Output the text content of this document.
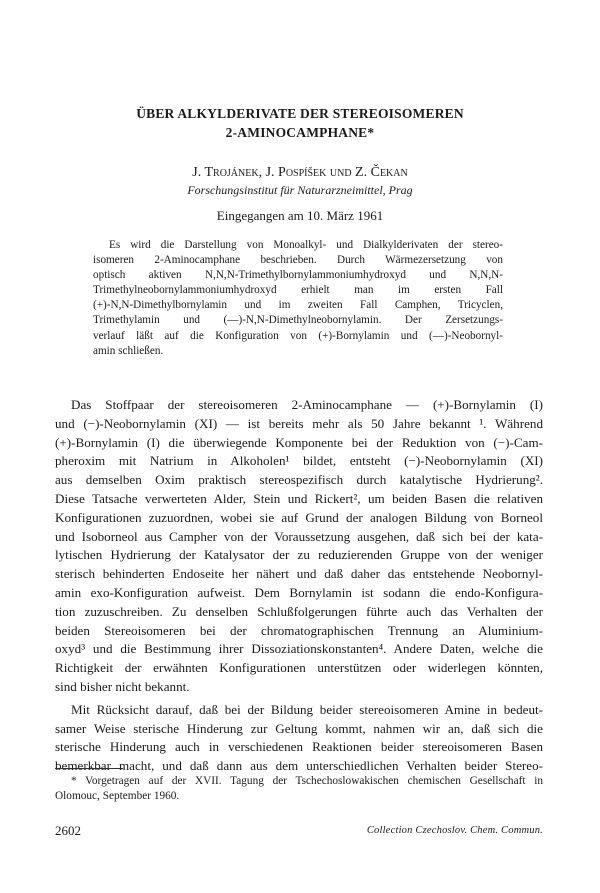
ÜBER ALKYLDERIVATE DER STEREOISOMEREN
2-AMINOCAMPHANE*
J. Trojánek, J. Pospíšek und Z. Čekan
Forschungsinstitut für Naturarzneimittel, Prag
Eingegangen am 10. März 1961
Es wird die Darstellung von Monoalkyl- und Dialkylderivaten der stereo-
isomeren 2-Aminocamphane beschrieben. Durch Wärmezersetzung von
optisch aktiven N,N,N-Trimethylbornylammoniumhydroxyd und N,N,N-
Trimethylneobornylammoniumhydroxyd erhielt man im ersten Fall
(+)-N,N-Dimethylbornylamin und im zweiten Fall Camphen, Tricyclen,
Trimethylamin und (—)-N,N-Dimethylneobornylamin. Der Zersetzungs-
verlauf läßt auf die Konfiguration von (+)-Bornylamin und (—)-Neobornyl-
amin schließen.
Das Stoffpaar der stereoisomeren 2-Aminocamphane — (+)-Bornylamin (I)
und (−)-Neobornylamin (XI) — ist bereits mehr als 50 Jahre bekannt ¹. Während
(+)-Bornylamin (I) die überwiegende Komponente bei der Reduktion von (−)-Cam-
pheroxim mit Natrium in Alkoholen¹ bildet, entsteht (−)-Neobornylamin (XI)
aus demselben Oxim praktisch stereospezifisch durch katalytische Hydrierung².
Diese Tatsache verwerteten Alder, Stein und Rickert², um beiden Basen die relativen
Konfigurationen zuzuordnen, wobei sie auf Grund der analogen Bildung von Borneol
und Isoborneol aus Campher von der Voraussetzung ausgehen, daß sich bei der kata-
lytischen Hydrierung der Katalysator der zu reduzierenden Gruppe von der weniger
sterisch behinderten Endoseite her nähert und daß daher das entstehende Neobornyl-
amin exo-Konfiguration aufweist. Dem Bornylamin ist sodann die endo-Konfigura-
tion zuzuschreiben. Zu denselben Schlußfolgerungen führte auch das Verhalten der
beiden Stereoisomeren bei der chromatographischen Trennung an Aluminium-
oxyd³ und die Bestimmung ihrer Dissoziationskonstanten⁴. Andere Daten, welche die
Richtigkeit der erwähnten Konfigurationen unterstützen oder widerlegen könnten,
sind bisher nicht bekannt.
Mit Rücksicht darauf, daß bei der Bildung beider stereoisomeren Amine in bedeut-
samer Weise sterische Hinderung zur Geltung kommt, nahmen wir an, daß sich die
sterische Hinderung auch in verschiedenen Reaktionen beider stereoisomeren Basen
bemerkbar macht, und daß dann aus dem unterschiedlichen Verhalten beider Stereo-
* Vorgetragen auf der XVII. Tagung der Tschechoslowakischen chemischen Gesellschaft in
Olomouc, September 1960.
2602	Collection Czechoslov. Chem. Commun.
